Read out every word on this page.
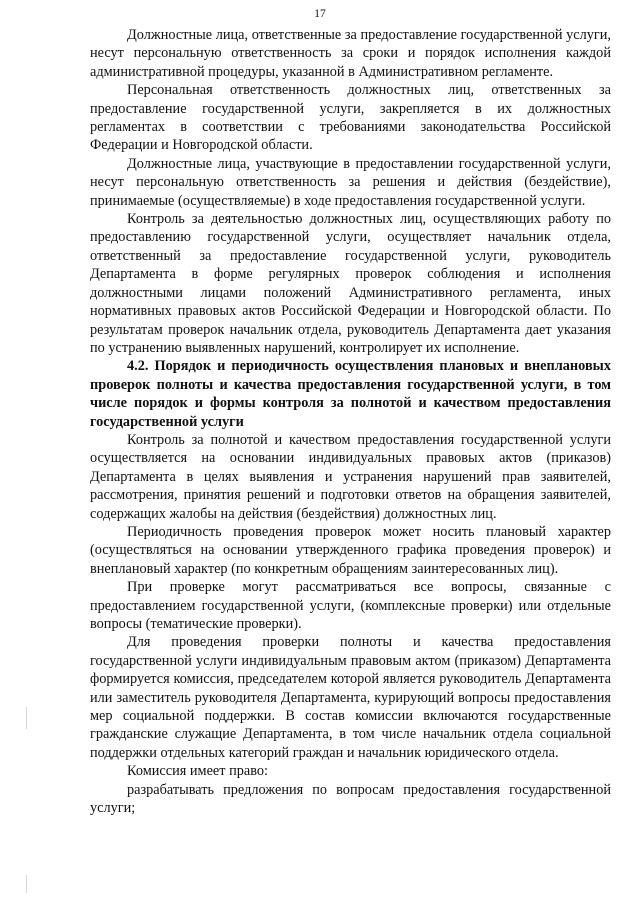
17

Должностные лица, ответственные за предоставление государственной услуги, несут персональную ответственность за сроки и порядок исполнения каждой административной процедуры, указанной в Административном регламенте.

Персональная ответственность должностных лиц, ответственных за предоставление государственной услуги, закрепляется в их должностных регламентах в соответствии с требованиями законодательства Российской Федерации и Новгородской области.

Должностные лица, участвующие в предоставлении государственной услуги, несут персональную ответственность за решения и действия (бездействие), принимаемые (осуществляемые) в ходе предоставления государственной услуги.

Контроль за деятельностью должностных лиц, осуществляющих работу по предоставлению государственной услуги, осуществляет начальник отдела, ответственный за предоставление государственной услуги, руководитель Департамента в форме регулярных проверок соблюдения и исполнения должностными лицами положений Административного регламента, иных нормативных правовых актов Российской Федерации и Новгородской области. По результатам проверок начальник отдела, руководитель Департамента дает указания по устранению выявленных нарушений, контролирует их исполнение.

4.2. Порядок и периодичность осуществления плановых и внеплановых проверок полноты и качества предоставления государственной услуги, в том числе порядок и формы контроля за полнотой и качеством предоставления государственной услуги

Контроль за полнотой и качеством предоставления государственной услуги осуществляется на основании индивидуальных правовых актов (приказов) Департамента в целях выявления и устранения нарушений прав заявителей, рассмотрения, принятия решений и подготовки ответов на обращения заявителей, содержащих жалобы на действия (бездействия) должностных лиц.

Периодичность проведения проверок может носить плановый характер (осуществляться на основании утвержденного графика проведения проверок) и внеплановый характер (по конкретным обращениям заинтересованных лиц).

При проверке могут рассматриваться все вопросы, связанные с предоставлением государственной услуги, (комплексные проверки) или отдельные вопросы (тематические проверки).

Для проведения проверки полноты и качества предоставления государственной услуги индивидуальным правовым актом (приказом) Департамента формируется комиссия, председателем которой является руководитель Департамента или заместитель руководителя Департамента, курирующий вопросы предоставления мер социальной поддержки. В состав комиссии включаются государственные гражданские служащие Департамента, в том числе начальник отдела социальной поддержки отдельных категорий граждан и начальник юридического отдела.

Комиссия имеет право:

разрабатывать предложения по вопросам предоставления государственной услуги;
